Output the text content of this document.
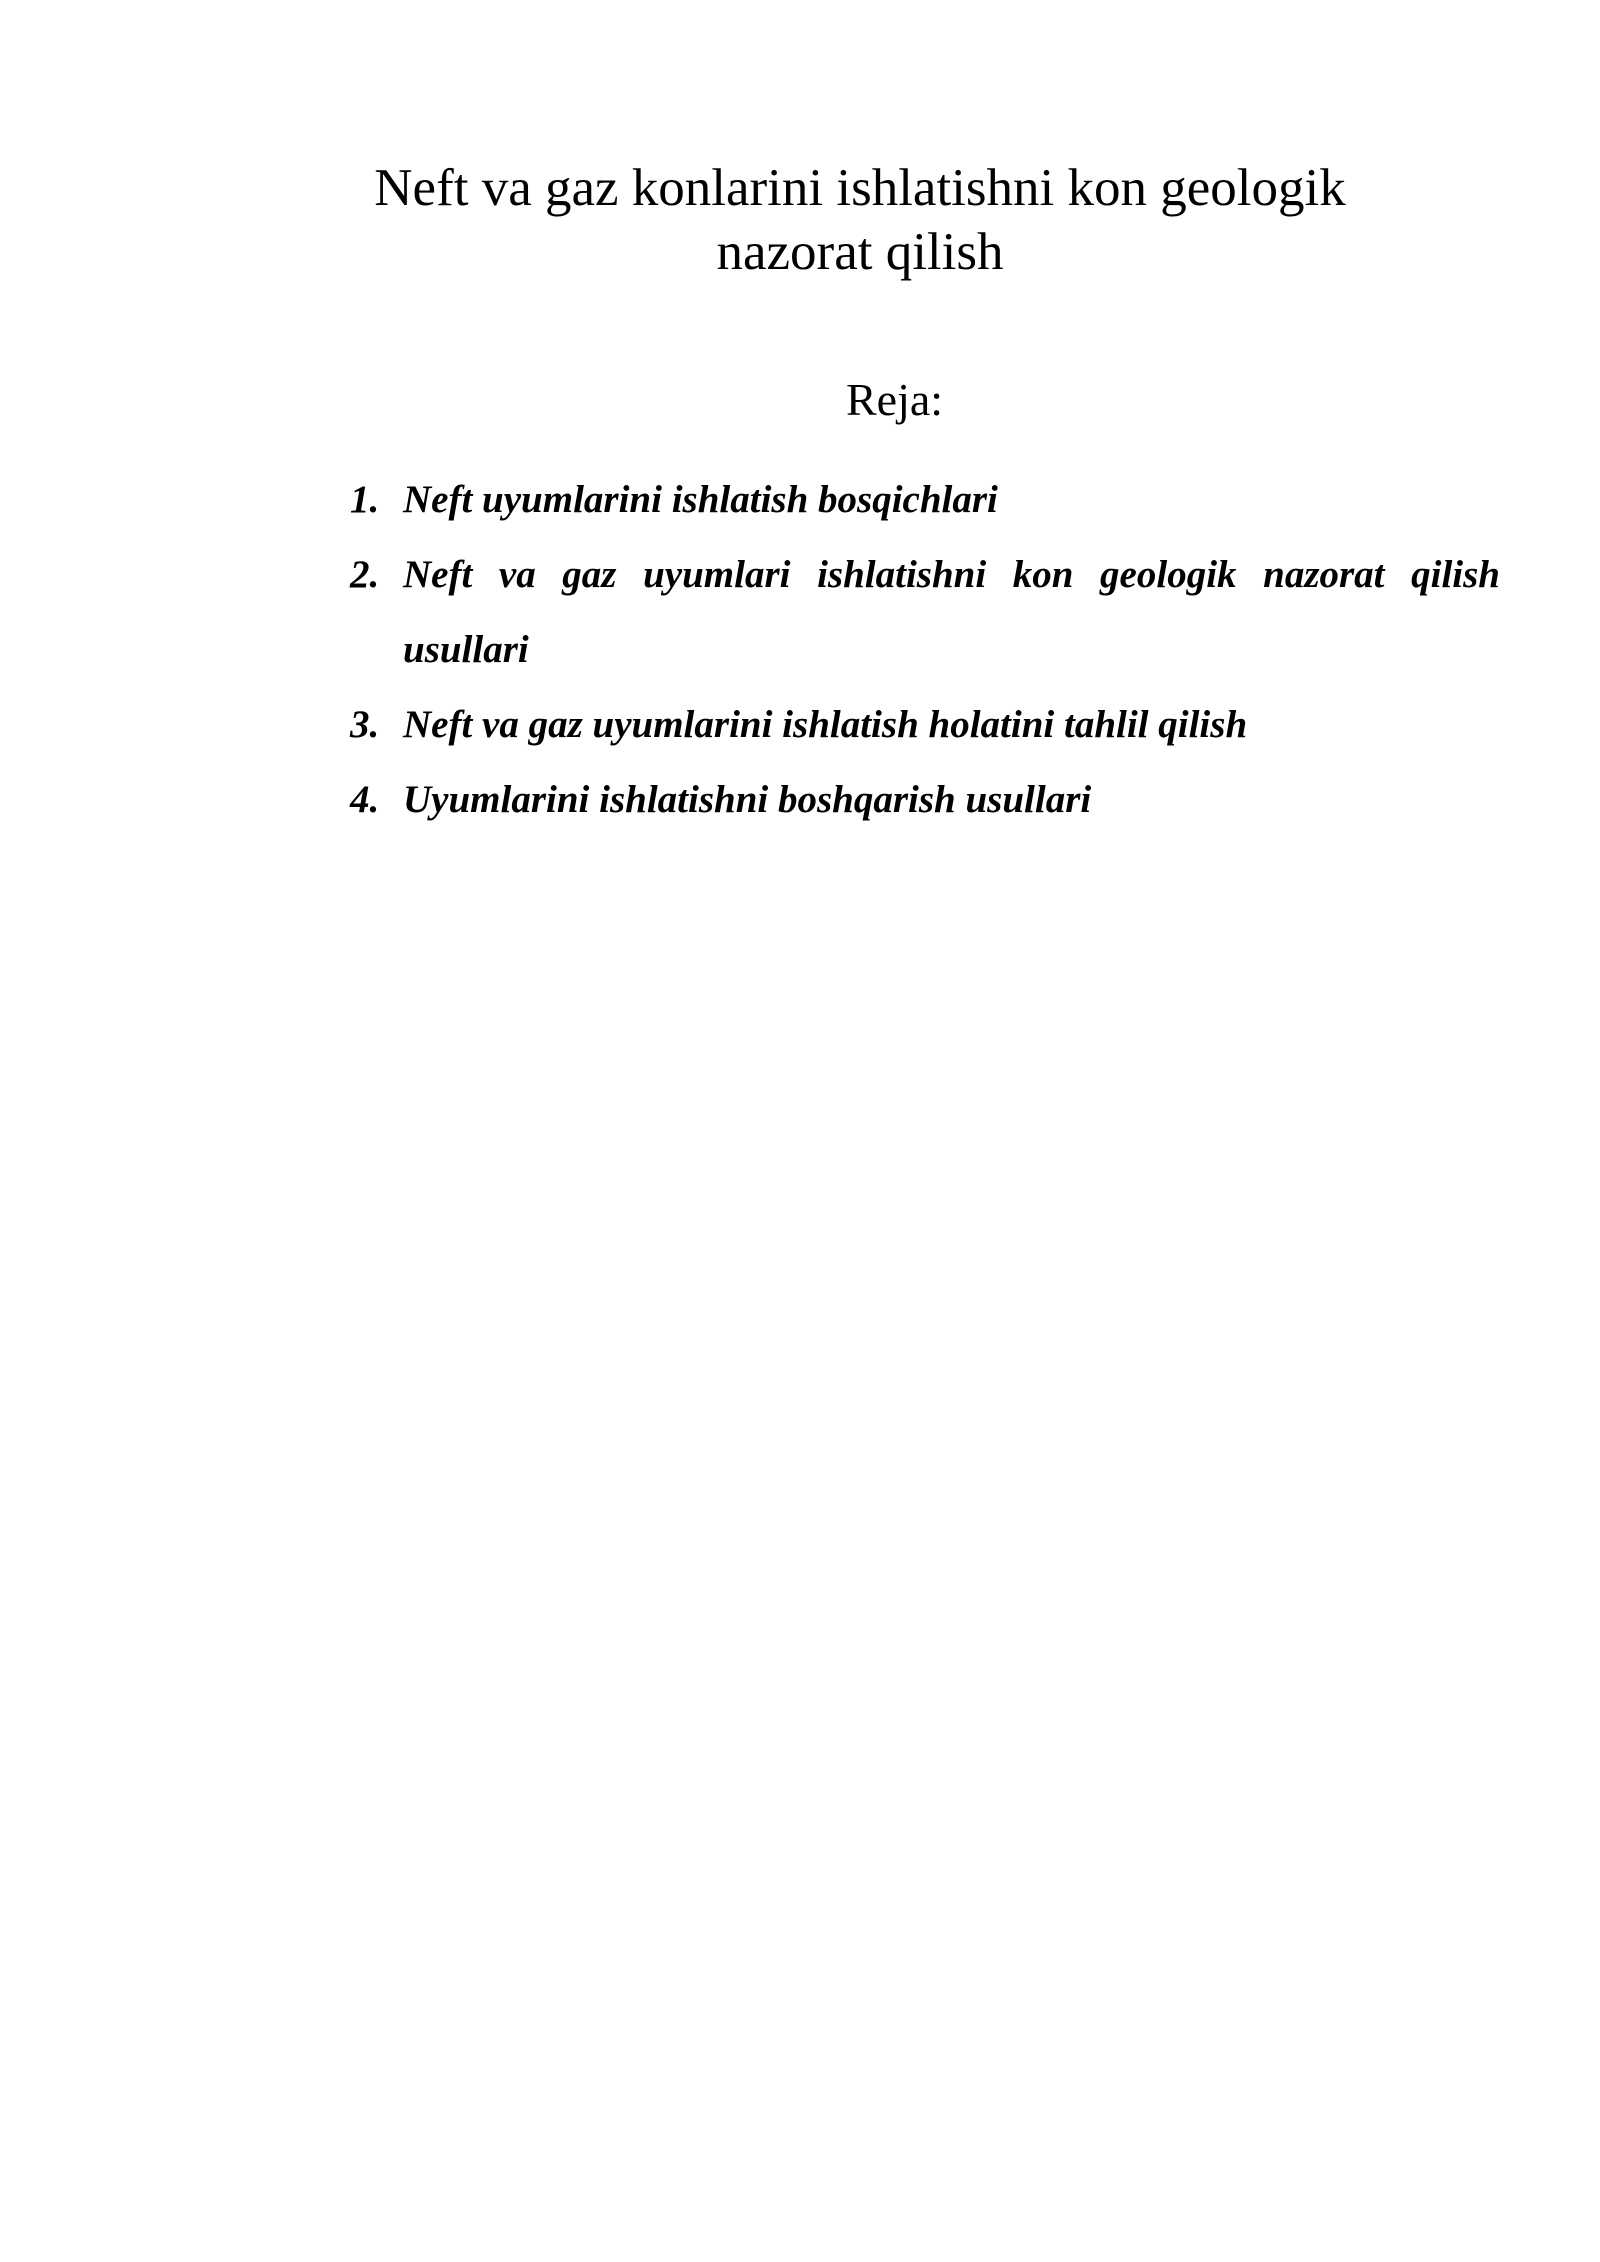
Neft va gaz konlarini ishlatishni kon geologik
nazorat qilish

Reja:

1. Neft uyumlarini ishlatish bosqichlari
2. Neft va gaz uyumlari ishlatishni kon geologik nazorat qilish usullari
3. Neft va gaz uyumlarini ishlatish holatini tahlil qilish
4. Uyumlarini ishlatishni boshqarish usullari
